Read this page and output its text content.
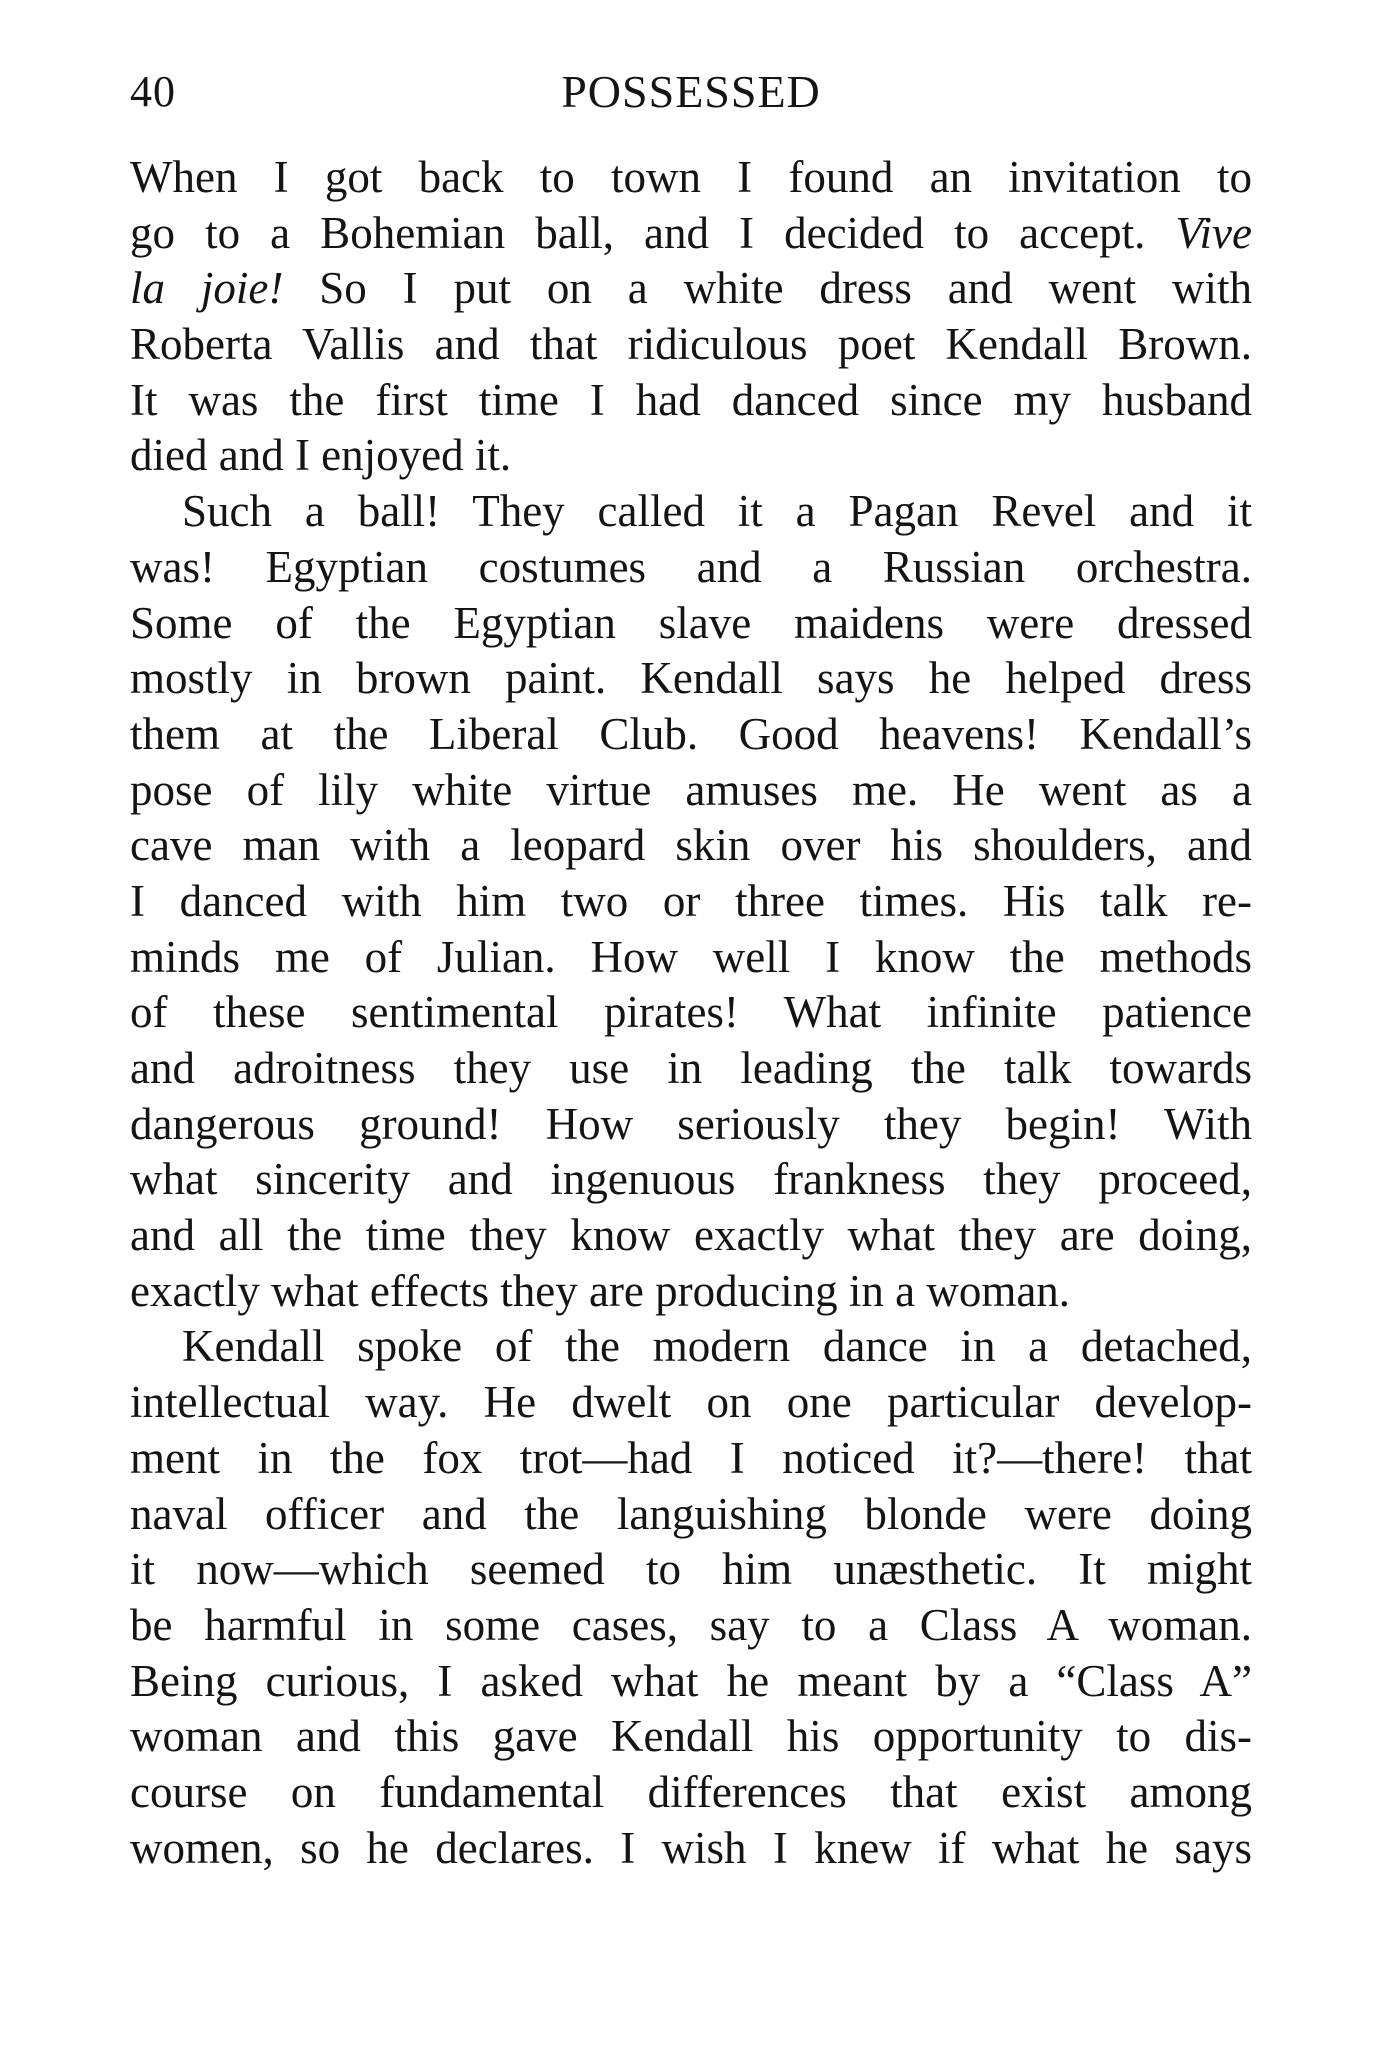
40	POSSESSED
When I got back to town I found an invitation to
go to a Bohemian ball, and I decided to accept. Vive
la joie! So I put on a white dress and went with
Roberta Vallis and that ridiculous poet Kendall Brown.
It was the first time I had danced since my husband
died and I enjoyed it.
Such a ball! They called it a Pagan Revel and it
was! Egyptian costumes and a Russian orchestra.
Some of the Egyptian slave maidens were dressed
mostly in brown paint. Kendall says he helped dress
them at the Liberal Club. Good heavens! Kendall’s
pose of lily white virtue amuses me. He went as a
cave man with a leopard skin over his shoulders, and
I danced with him two or three times. His talk re-
minds me of Julian. How well I know the methods
of these sentimental pirates! What infinite patience
and adroitness they use in leading the talk towards
dangerous ground! How seriously they begin! With
what sincerity and ingenuous frankness they proceed,
and all the time they know exactly what they are doing,
exactly what effects they are producing in a woman.
Kendall spoke of the modern dance in a detached,
intellectual way. He dwelt on one particular develop-
ment in the fox trot—had I noticed it?—there! that
naval officer and the languishing blonde were doing
it now—which seemed to him unæsthetic. It might
be harmful in some cases, say to a Class A woman.
Being curious, I asked what he meant by a “Class A”
woman and this gave Kendall his opportunity to dis-
course on fundamental differences that exist among
women, so he declares. I wish I knew if what he says
